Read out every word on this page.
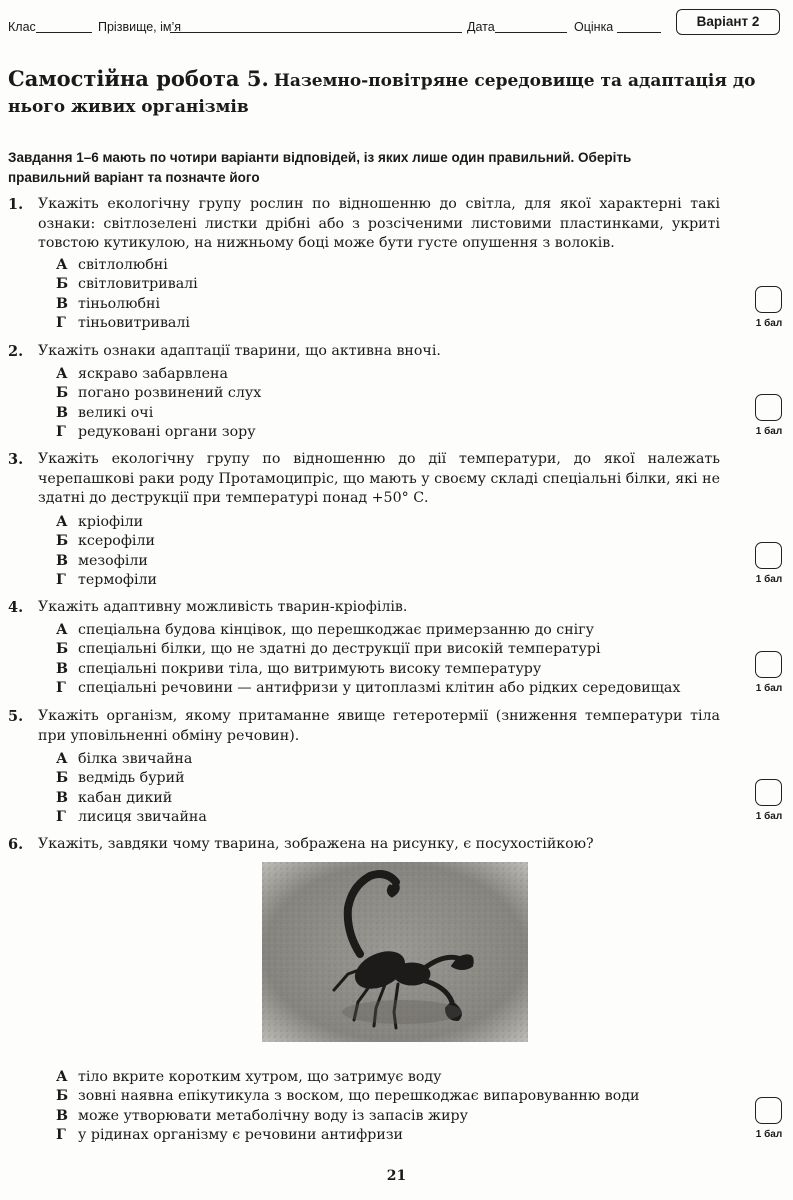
Клас	Прізвище, ім’я	Дата	Оцінка	Варіант 2
Самостійна робота 5. Наземно-повітряне середовище та адаптація до нього живих організмів
Завдання 1–6 мають по чотири варіанти відповідей, із яких лише один правильний. Оберіть правильний варіант та позначте його
1. Укажіть екологічну групу рослин по відношенню до світла, для якої характерні такі ознаки: світлозелені листки дрібні або з розсіченими листовими пластинками, укриті товстою кутикулою, на нижньому боці може бути густе опушення з волоків.
А світлолюбні
Б світловитривалі
В тіньолюбні
Г тіньовитривалі	1 бал
2. Укажіть ознаки адаптації тварини, що активна вночі.
А яскраво забарвлена
Б погано розвинений слух
В великі очі
Г редуковані органи зору	1 бал
3. Укажіть екологічну групу по відношенню до дії температури, до якої належать черепашкові раки роду Протамоципріс, що мають у своєму складі спеціальні білки, які не здатні до деструкції при температурі понад +50° С.
А кріофіли
Б ксерофіли
В мезофіли
Г термофіли	1 бал
4. Укажіть адаптивну можливість тварин-кріофілів.
А спеціальна будова кінцівок, що перешкоджає примерзанню до снігу
Б спеціальні білки, що не здатні до деструкції при високій температурі
В спеціальні покриви тіла, що витримують високу температуру
Г спеціальні речовини — антифризи у цитоплазмі клітин або рідких середовищах	1 бал
5. Укажіть організм, якому притаманне явище гетеротермії (зниження температури тіла при уповільненні обміну речовин).
А білка звичайна
Б ведмідь бурий
В кабан дикий
Г лисиця звичайна	1 бал
6. Укажіть, завдяки чому тварина, зображена на рисунку, є посухостійкою?
А тіло вкрите коротким хутром, що затримує воду
Б зовні наявна епікутикула з воском, що перешкоджає випаровуванню води
В може утворювати метаболічну воду із запасів жиру
Г у рідинах організму є речовини антифризи	1 бал
21
